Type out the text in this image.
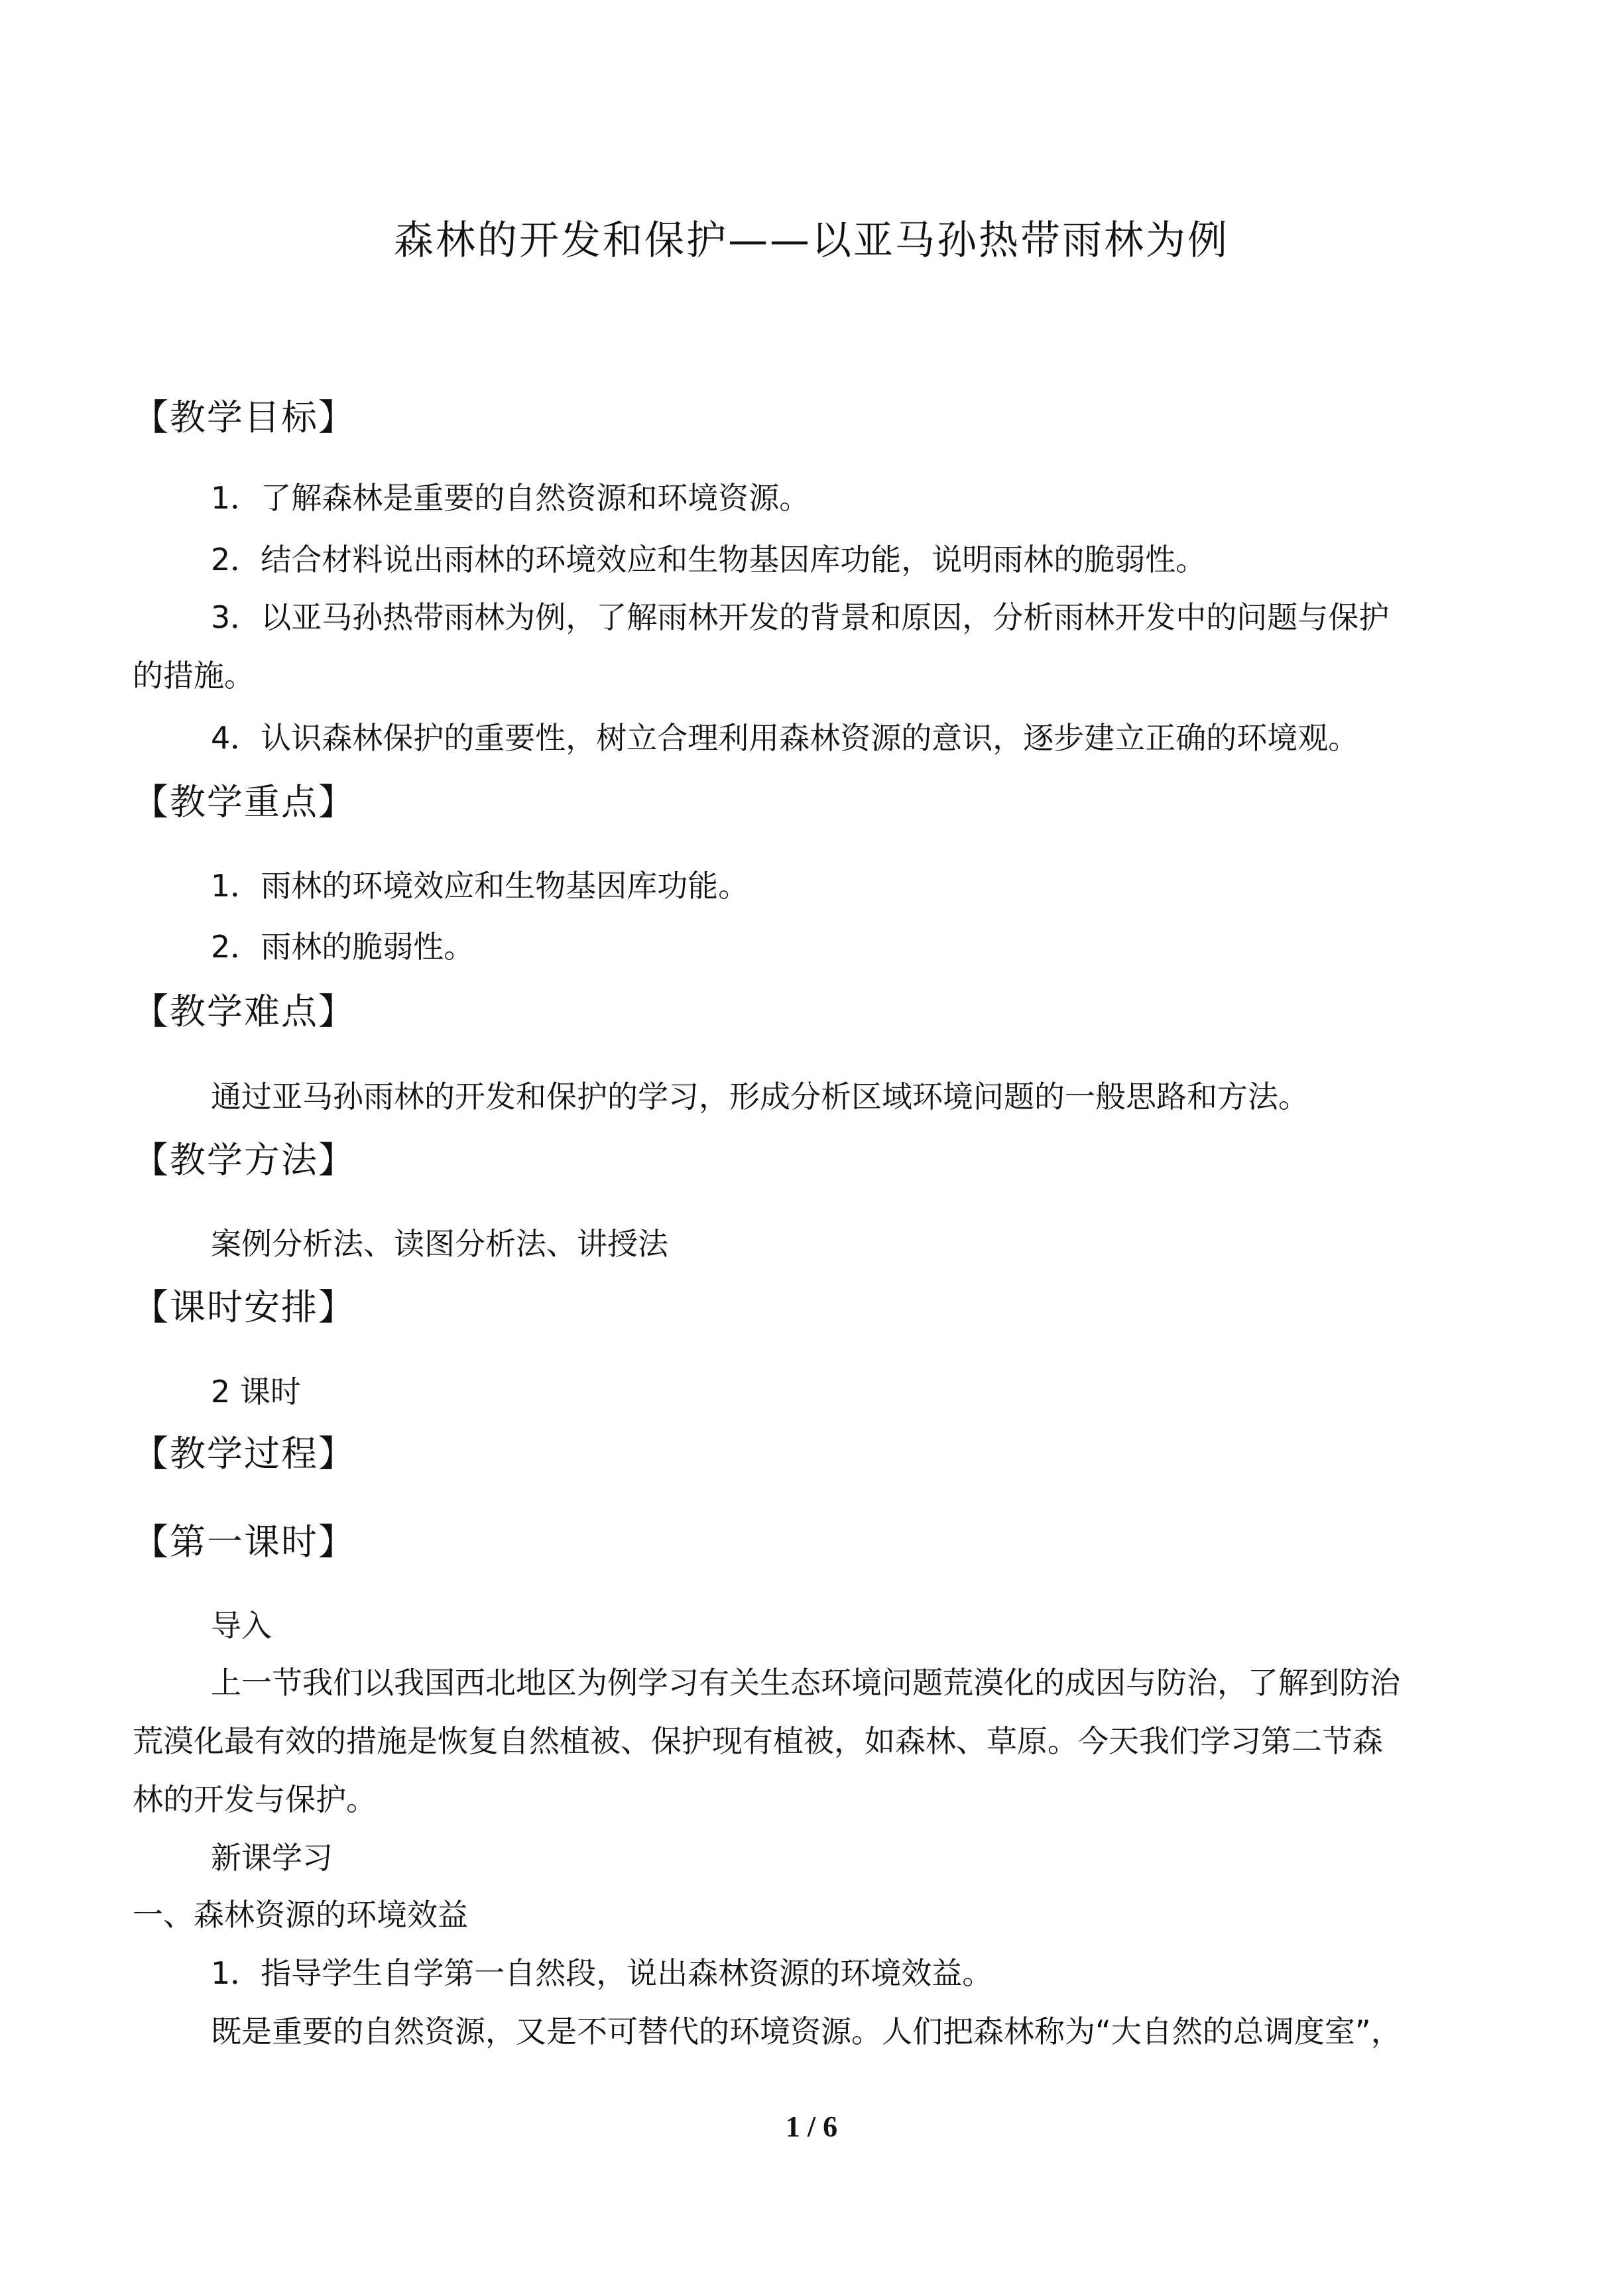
森林的开发和保护——以亚马孙热带雨林为例
【教学目标】
1．了解森林是重要的自然资源和环境资源。
2．结合材料说出雨林的环境效应和生物基因库功能，说明雨林的脆弱性。
3．以亚马孙热带雨林为例，了解雨林开发的背景和原因，分析雨林开发中的问题与保护
的措施。
4．认识森林保护的重要性，树立合理利用森林资源的意识，逐步建立正确的环境观。
【教学重点】
1．雨林的环境效应和生物基因库功能。
2．雨林的脆弱性。
【教学难点】
通过亚马孙雨林的开发和保护的学习，形成分析区域环境问题的一般思路和方法。
【教学方法】
案例分析法、读图分析法、讲授法
【课时安排】
2 课时
【教学过程】
【第一课时】
导入
上一节我们以我国西北地区为例学习有关生态环境问题荒漠化的成因与防治，了解到防治
荒漠化最有效的措施是恢复自然植被、保护现有植被，如森林、草原。今天我们学习第二节森
林的开发与保护。
新课学习
一、森林资源的环境效益
1．指导学生自学第一自然段，说出森林资源的环境效益。
既是重要的自然资源，又是不可替代的环境资源。人们把森林称为“大自然的总调度室”，
1 / 6
